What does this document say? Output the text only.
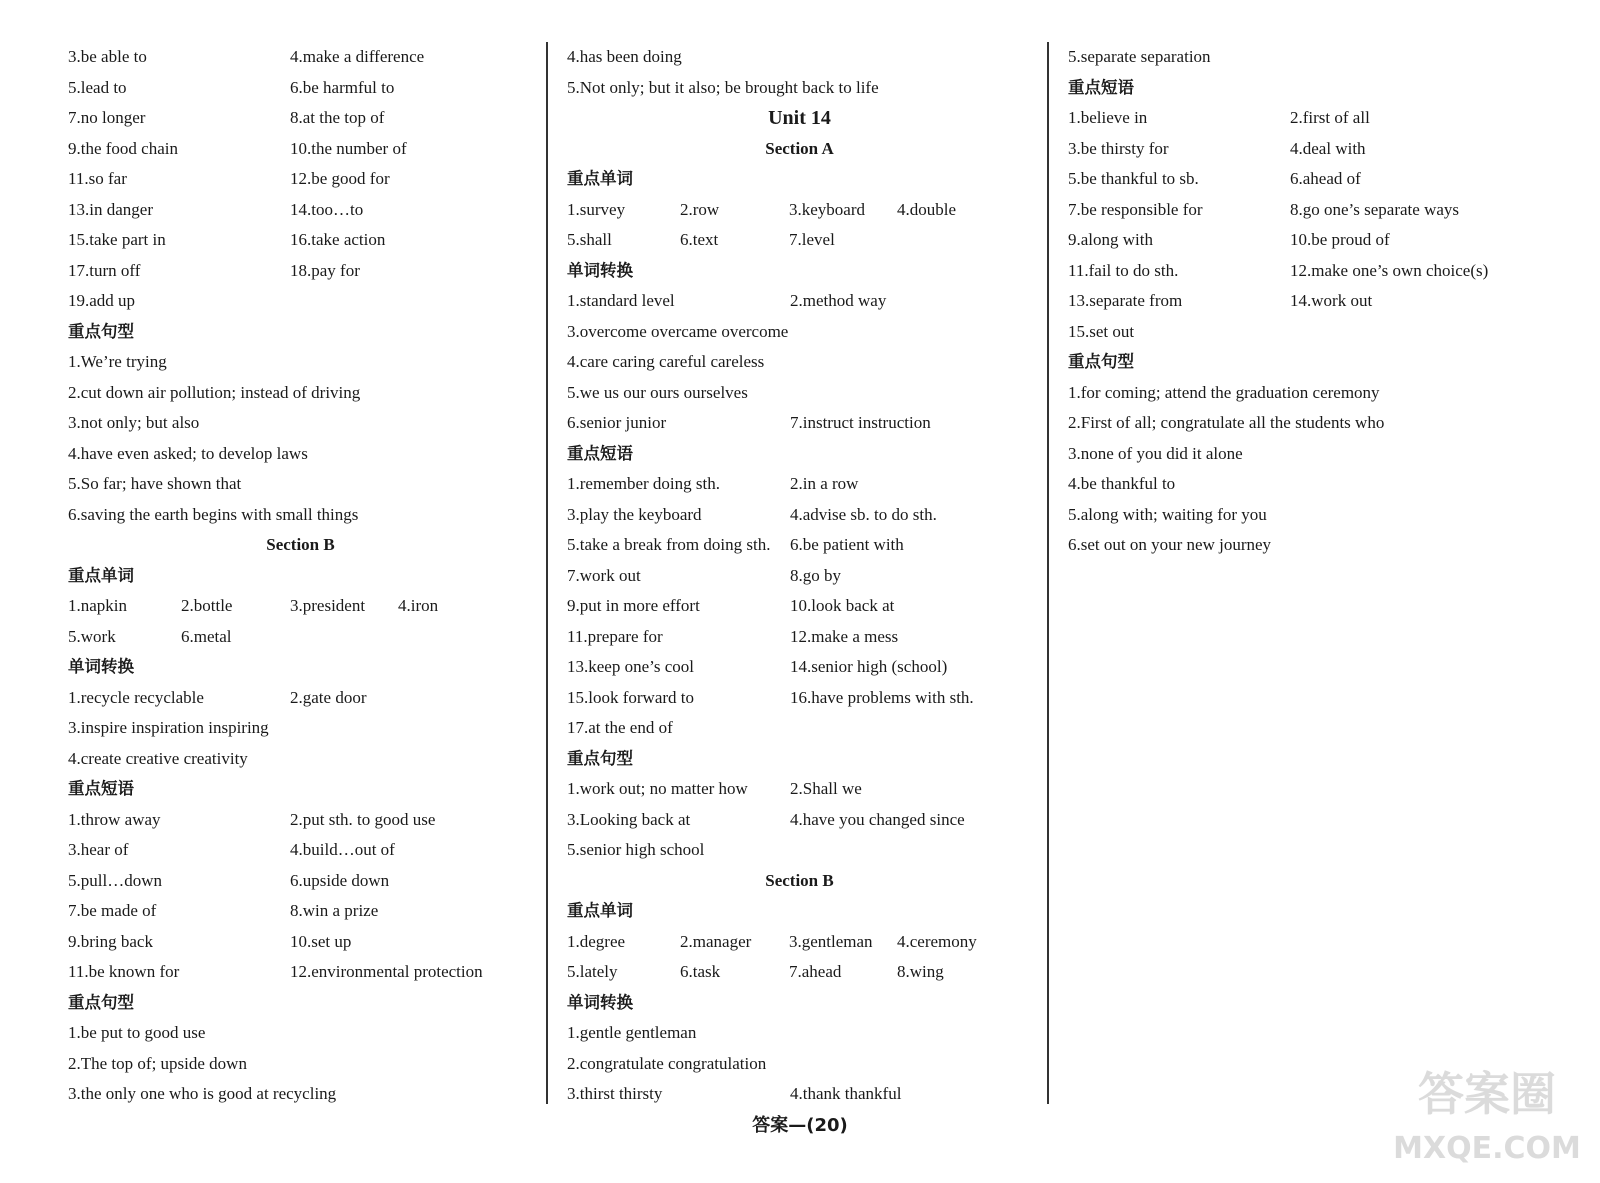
3.be able to	4.make a difference
5.lead to	6.be harmful to
7.no longer	8.at the top of
9.the food chain	10.the number of
11.so far	12.be good for
13.in danger	14.too…to
15.take part in	16.take action
17.turn off	18.pay for
19.add up
重点句型
1.We’re trying
2.cut down air pollution; instead of driving
3.not only; but also
4.have even asked; to develop laws
5.So far; have shown that
6.saving the earth begins with small things
Section B
重点单词
1.napkin	2.bottle	3.president 4.iron
5.work	6.metal
单词转换
1.recycle recyclable	2.gate door
3.inspire inspiration inspiring
4.create creative creativity
重点短语
1.throw away	2.put sth. to good use
3.hear of	4.build…out of
5.pull…down	6.upside down
7.be made of	8.win a prize
9.bring back	10.set up
11.be known for	12.environmental protection
重点句型
1.be put to good use
2.The top of; upside down
3.the only one who is good at recycling
4.has been doing
5.Not only; but it also; be brought back to life
Unit 14
Section A
重点单词
1.survey	2.row	3.keyboard 4.double
5.shall	6.text	7.level
单词转换
1.standard level	2.method way
3.overcome overcame overcome
4.care caring careful careless
5.we us our ours ourselves
6.senior junior	7.instruct instruction
重点短语
1.remember doing sth.	2.in a row
3.play the keyboard	4.advise sb. to do sth.
5.take a break from doing sth. 6.be patient with
7.work out	8.go by
9.put in more effort	10.look back at
11.prepare for	12.make a mess
13.keep one’s cool	14.senior high (school)
15.look forward to	16.have problems with sth.
17.at the end of
重点句型
1.work out; no matter how 2.Shall we
3.Looking back at	4.have you changed since
5.senior high school
Section B
重点单词
1.degree	2.manager 3.gentleman 4.ceremony
5.lately	6.task	7.ahead	8.wing
单词转换
1.gentle gentleman
2.congratulate congratulation
3.thirst thirsty	4.thank thankful
5.separate separation
重点短语
1.believe in	2.first of all
3.be thirsty for	4.deal with
5.be thankful to sb.	6.ahead of
7.be responsible for	8.go one’s separate ways
9.along with	10.be proud of
11.fail to do sth.	12.make one’s own choice(s)
13.separate from	14.work out
15.set out
重点句型
1.for coming; attend the graduation ceremony
2.First of all; congratulate all the students who
3.none of you did it alone
4.be thankful to
5.along with; waiting for you
6.set out on your new journey
答案—(20)
答案圈
MXQE.COM
